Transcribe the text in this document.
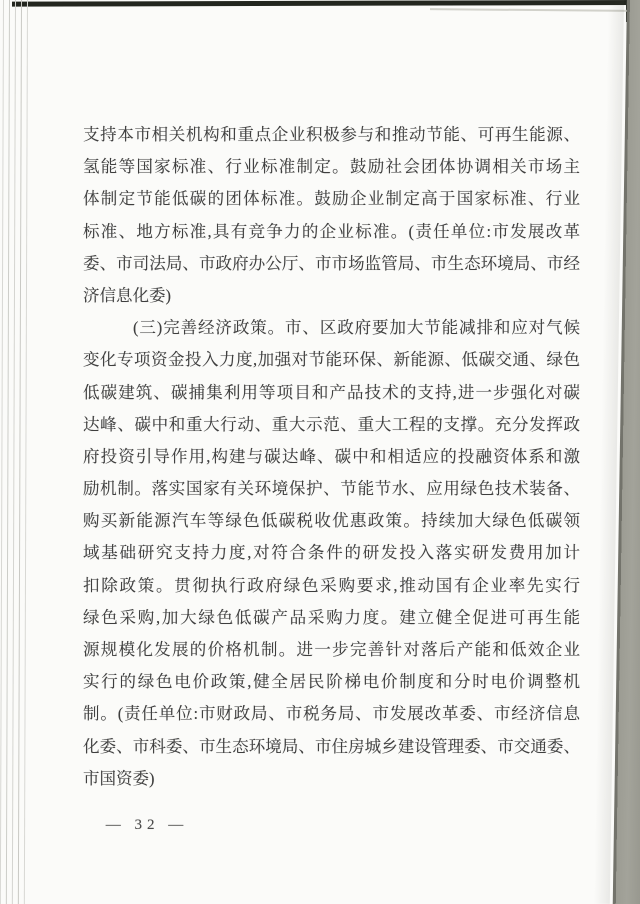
支持本市相关机构和重点企业积极参与和推动节能、可再生能源、
氢能等国家标准、行业标准制定。鼓励社会团体协调相关市场主
体制定节能低碳的团体标准。鼓励企业制定高于国家标准、行业
标准、地方标准,具有竞争力的企业标准。(责任单位:市发展改革
委、市司法局、市政府办公厅、市市场监管局、市生态环境局、市经
济信息化委)
(三)完善经济政策。市、区政府要加大节能减排和应对气候
变化专项资金投入力度,加强对节能环保、新能源、低碳交通、绿色
低碳建筑、碳捕集利用等项目和产品技术的支持,进一步强化对碳
达峰、碳中和重大行动、重大示范、重大工程的支撑。充分发挥政
府投资引导作用,构建与碳达峰、碳中和相适应的投融资体系和激
励机制。落实国家有关环境保护、节能节水、应用绿色技术装备、
购买新能源汽车等绿色低碳税收优惠政策。持续加大绿色低碳领
域基础研究支持力度,对符合条件的研发投入落实研发费用加计
扣除政策。贯彻执行政府绿色采购要求,推动国有企业率先实行
绿色采购,加大绿色低碳产品采购力度。建立健全促进可再生能
源规模化发展的价格机制。进一步完善针对落后产能和低效企业
实行的绿色电价政策,健全居民阶梯电价制度和分时电价调整机
制。(责任单位:市财政局、市税务局、市发展改革委、市经济信息
化委、市科委、市生态环境局、市住房城乡建设管理委、市交通委、
市国资委)
— 32 —
